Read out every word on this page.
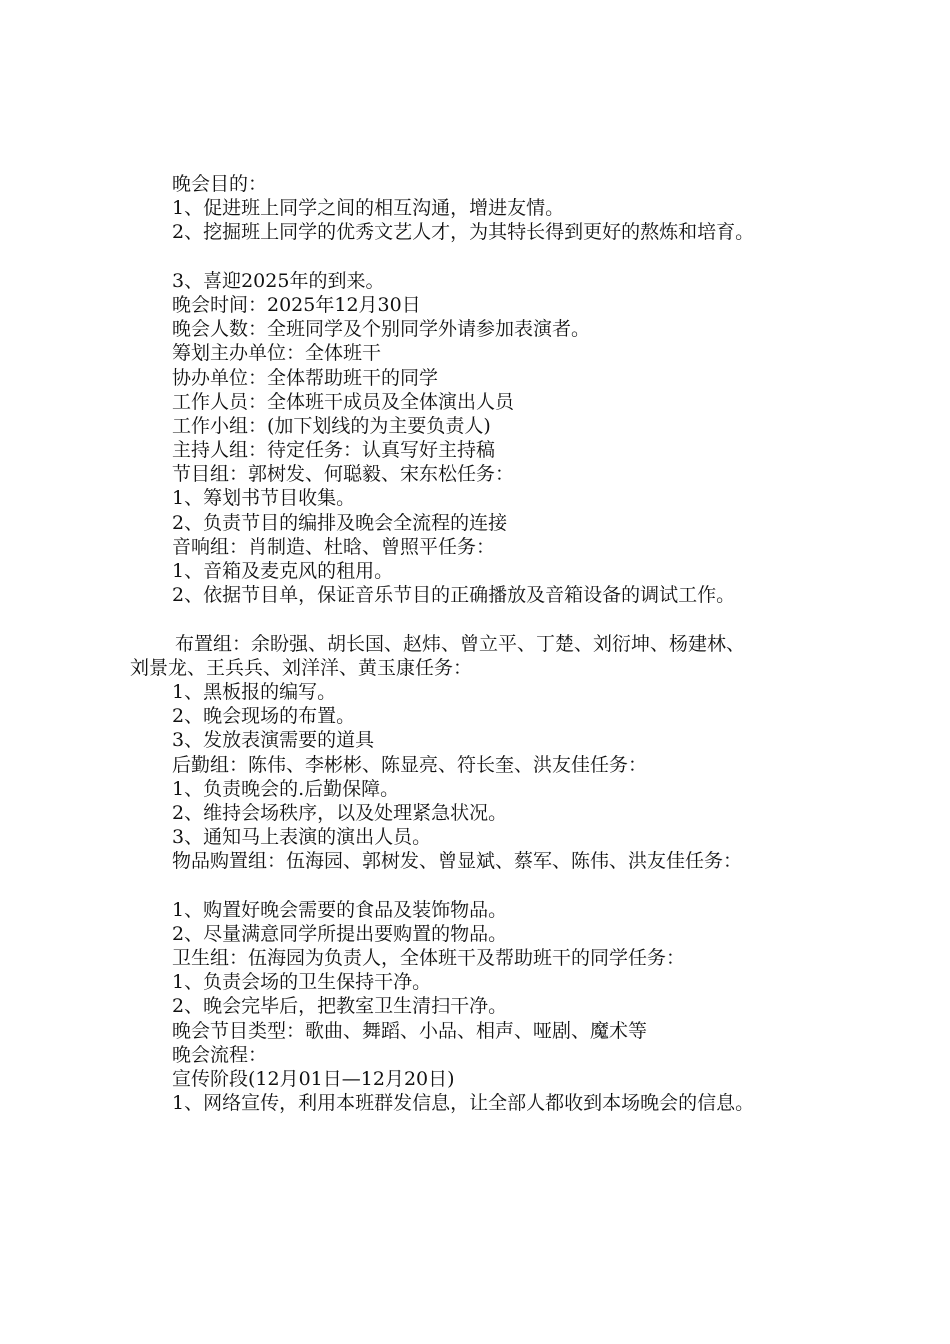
晚会目的：
1、促进班上同学之间的相互沟通，增进友情。
2、挖掘班上同学的优秀文艺人才，为其特长得到更好的熬炼和培育。
3、喜迎2025年的到来。
晚会时间：2025年12月30日
晚会人数：全班同学及个别同学外请参加表演者。
筹划主办单位：全体班干
协办单位：全体帮助班干的同学
工作人员：全体班干成员及全体演出人员
工作小组：(加下划线的为主要负责人)
主持人组：待定任务：认真写好主持稿
节目组：郭树发、何聪毅、宋东松任务：
1、筹划书节目收集。
2、负责节目的编排及晚会全流程的连接
音响组：肖制造、杜晗、曾照平任务：
1、音箱及麦克风的租用。
2、依据节目单，保证音乐节目的正确播放及音箱设备的调试工作。
布置组：余盼强、胡长国、赵炜、曾立平、丁楚、刘衍坤、杨建林、
刘景龙、王兵兵、刘洋洋、黄玉康任务：
1、黑板报的编写。
2、晚会现场的布置。
3、发放表演需要的道具
后勤组：陈伟、李彬彬、陈显亮、符长奎、洪友佳任务：
1、负责晚会的.后勤保障。
2、维持会场秩序，以及处理紧急状况。
3、通知马上表演的演出人员。
物品购置组：伍海园、郭树发、曾显斌、蔡军、陈伟、洪友佳任务：
1、购置好晚会需要的食品及装饰物品。
2、尽量满意同学所提出要购置的物品。
卫生组：伍海园为负责人，全体班干及帮助班干的同学任务：
1、负责会场的卫生保持干净。
2、晚会完毕后，把教室卫生清扫干净。
晚会节目类型：歌曲、舞蹈、小品、相声、哑剧、魔术等
晚会流程：
宣传阶段(12月01日—12月20日)
1、网络宣传，利用本班群发信息，让全部人都收到本场晚会的信息。
